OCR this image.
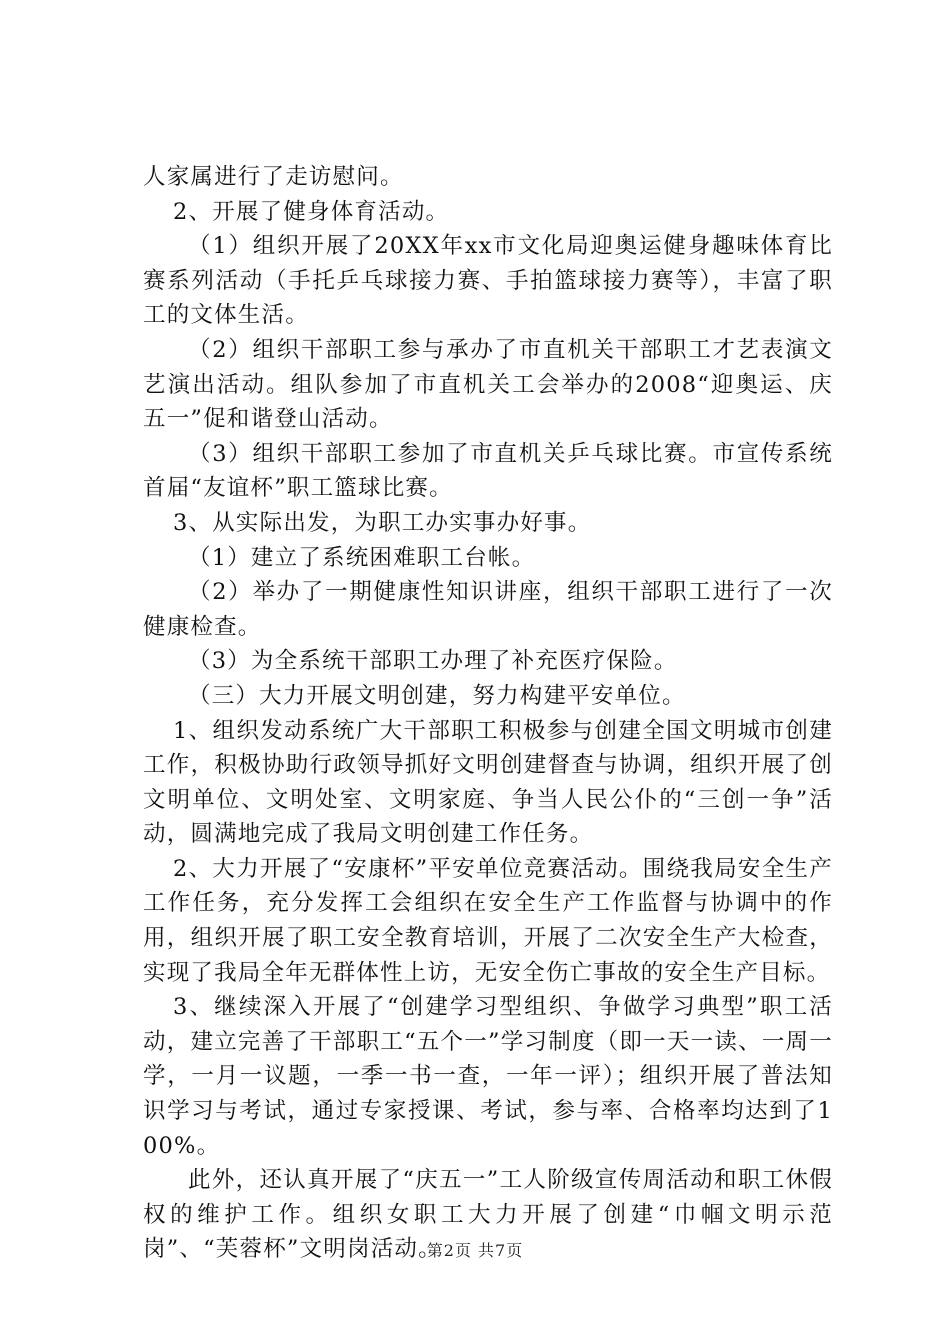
人家属进行了走访慰问。

2、开展了健身体育活动。

（1）组织开展了20XX年xx市文化局迎奥运健身趣味体育比赛系列活动（手托乒乓球接力赛、手拍篮球接力赛等），丰富了职工的文体生活。

（2）组织干部职工参与承办了市直机关干部职工才艺表演文艺演出活动。组队参加了市直机关工会举办的2008“迎奥运、庆五一”促和谐登山活动。

（3）组织干部职工参加了市直机关乒乓球比赛。市宣传系统首届“友谊杯”职工篮球比赛。

3、从实际出发，为职工办实事办好事。

（1）建立了系统困难职工台帐。

（2）举办了一期健康性知识讲座，组织干部职工进行了一次健康检查。

（3）为全系统干部职工办理了补充医疗保险。

（三）大力开展文明创建，努力构建平安单位。

1、组织发动系统广大干部职工积极参与创建全国文明城市创建工作，积极协助行政领导抓好文明创建督查与协调，组织开展了创文明单位、文明处室、文明家庭、争当人民公仆的“三创一争”活动，圆满地完成了我局文明创建工作任务。

2、大力开展了“安康杯”平安单位竞赛活动。围绕我局安全生产工作任务，充分发挥工会组织在安全生产工作监督与协调中的作用，组织开展了职工安全教育培训，开展了二次安全生产大检查，实现了我局全年无群体性上访，无安全伤亡事故的安全生产目标。

3、继续深入开展了“创建学习型组织、争做学习典型”职工活动，建立完善了干部职工“五个一”学习制度（即一天一读、一周一学，一月一议题，一季一书一查，一年一评）；组织开展了普法知识学习与考试，通过专家授课、考试，参与率、合格率均达到了100%。

此外，还认真开展了“庆五一”工人阶级宣传周活动和职工休假权的维护工作。组织女职工大力开展了创建“巾帼文明示范岗”、“芙蓉杯”文明岗活动。

第2页 共7页
